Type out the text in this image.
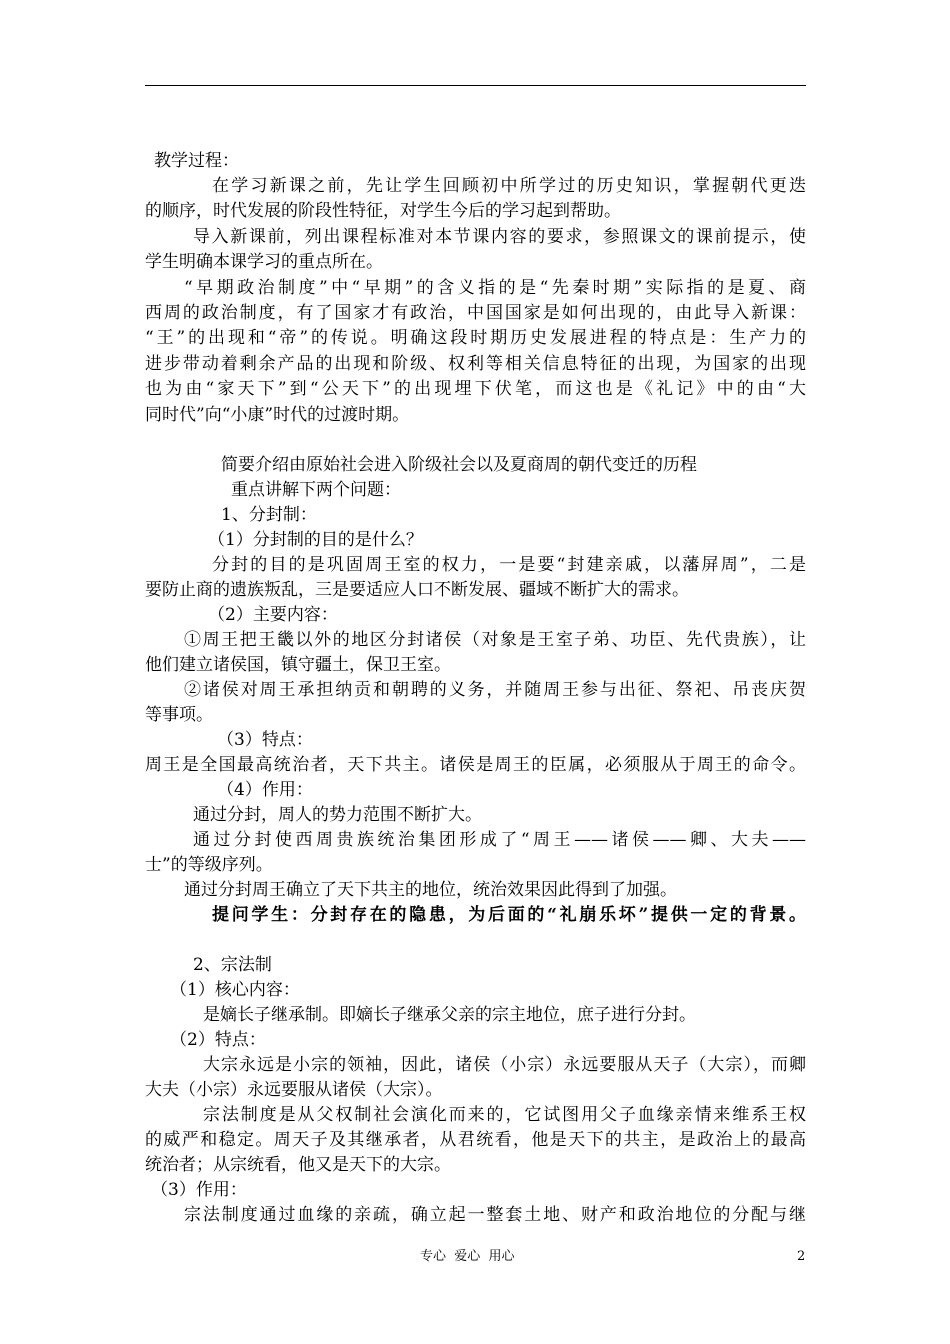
教学过程：
在学习新课之前，先让学生回顾初中所学过的历史知识，掌握朝代更迭
的顺序，时代发展的阶段性特征，对学生今后的学习起到帮助。
导入新课前，列出课程标准对本节课内容的要求，参照课文的课前提示，使
学生明确本课学习的重点所在。
“早期政治制度”中“早期”的含义指的是“先秦时期”实际指的是夏、商
西周的政治制度，有了国家才有政治，中国国家是如何出现的，由此导入新课：
“王”的出现和“帝”的传说。明确这段时期历史发展进程的特点是：生产力的
进步带动着剩余产品的出现和阶级、权利等相关信息特征的出现，为国家的出现
也为由“家天下”到“公天下”的出现埋下伏笔，而这也是《礼记》中的由“大
同时代”向“小康”时代的过渡时期。
简要介绍由原始社会进入阶级社会以及夏商周的朝代变迁的历程
重点讲解下两个问题：
1、分封制：
（1）分封制的目的是什么？
分封的目的是巩固周王室的权力，一是要“封建亲戚，以藩屏周”，二是
要防止商的遗族叛乱，三是要适应人口不断发展、疆域不断扩大的需求。
（2）主要内容：
①周王把王畿以外的地区分封诸侯（对象是王室子弟、功臣、先代贵族），让
他们建立诸侯国，镇守疆土，保卫王室。
②诸侯对周王承担纳贡和朝聘的义务，并随周王参与出征、祭祀、吊丧庆贺
等事项。
（3）特点：
周王是全国最高统治者，天下共主。诸侯是周王的臣属，必须服从于周王的命令。
（4）作用：
通过分封，周人的势力范围不断扩大。
通过分封使西周贵族统治集团形成了“周王——诸侯——卿、大夫——
士”的等级序列。
通过分封周王确立了天下共主的地位，统治效果因此得到了加强。
提问学生：分封存在的隐患，为后面的“礼崩乐坏”提供一定的背景。
2、宗法制
（1）核心内容：
是嫡长子继承制。即嫡长子继承父亲的宗主地位，庶子进行分封。
（2）特点：
大宗永远是小宗的领袖，因此，诸侯（小宗）永远要服从天子（大宗），而卿
大夫（小宗）永远要服从诸侯（大宗）。
宗法制度是从父权制社会演化而来的，它试图用父子血缘亲情来维系王权
的威严和稳定。周天子及其继承者，从君统看，他是天下的共主，是政治上的最高
统治者；从宗统看，他又是天下的大宗。
（3）作用：
宗法制度通过血缘的亲疏，确立起一整套土地、财产和政治地位的分配与继
专心  爱心  用心	2
